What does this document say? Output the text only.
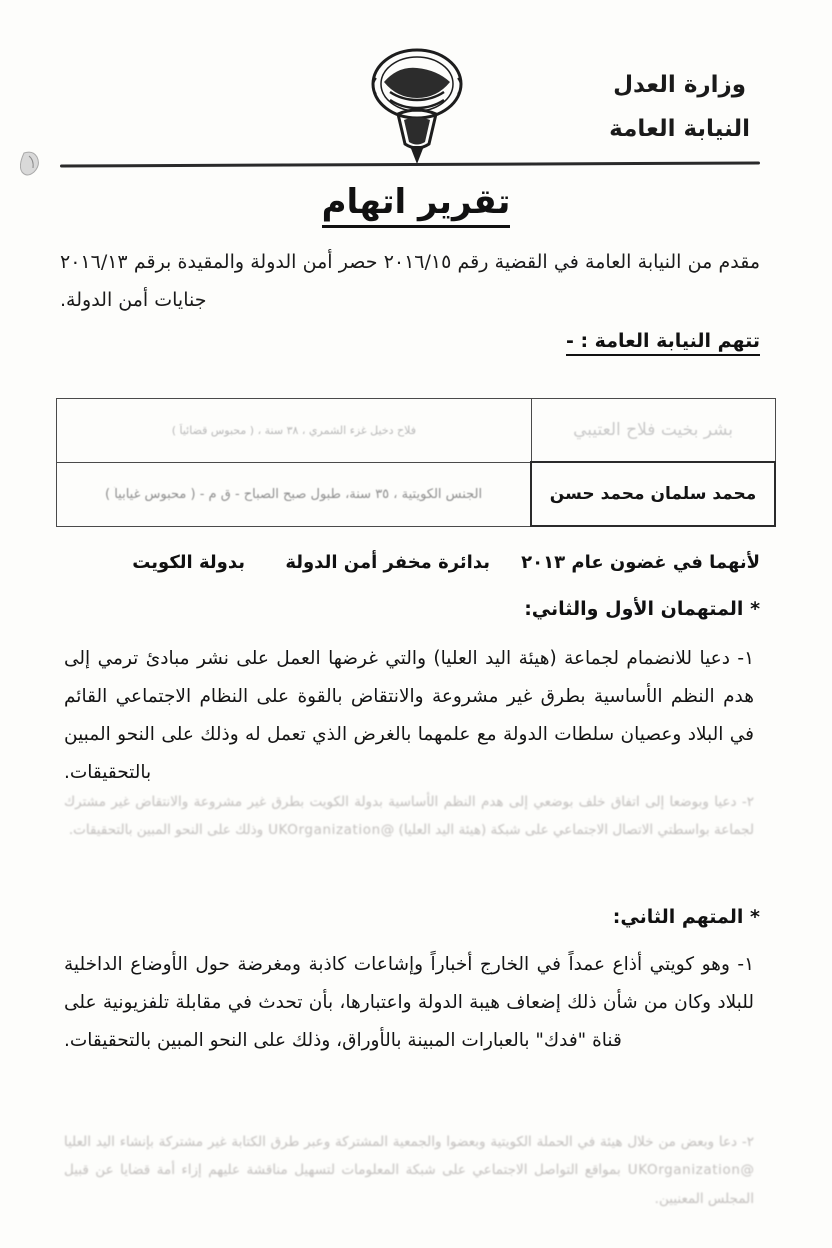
وزارة العدل
النيابة العامة
تقرير اتهام
مقدم من النيابة العامة في القضية رقم ٢٠١٦/١٥ حصر أمن الدولة والمقيدة برقم ٢٠١٦/١٣ جنايات أمن الدولة.
تتهم النيابة العامة : -
بشر بخيت فلاح العتيبي	فلاح دخيل غزء الشمري ، ٣٨ سنة ، ( محبوس قضائياً )

محمد سلمان محمد حسن	الجنس الكويتية ، ٣٥ سنة، طبول صبح الصباح - ق م - ( محبوس غيابياً )
لأنهما في غضون عام ٢٠١٣
بدائرة مخفر أمن الدولة
بدولة الكويت
* المتهمان الأول والثاني:
١- دعيا للانضمام لجماعة (هيئة اليد العليا) والتي غرضها العمل على نشر مبادئ ترمي إلى هدم النظم الأساسية بطرق غير مشروعة والانتقاض بالقوة على النظام الاجتماعي القائم في البلاد وعصيان سلطات الدولة مع علمهما بالغرض الذي تعمل له وذلك على النحو المبين بالتحقيقات.
٢- دعيا وبوضعا إلى اتفاق خلف بوضعي إلى هدم النظم الأساسية بدولة الكويت بطرق غير مشروعة والانتقاض غير مشترك لجماعة بواسطتي الاتصال الاجتماعي على شبكة (هيئة اليد العليا) @UKOrganization وذلك على النحو المبين بالتحقيقات.
* المتهم الثاني:
١- وهو كويتي أذاع عمداً في الخارج أخباراً وإشاعات كاذبة ومغرضة حول الأوضاع الداخلية للبلاد وكان من شأن ذلك إضعاف هيبة الدولة واعتبارها، بأن تحدث في مقابلة تلفزيونية على قناة "فدك" بالعبارات المبينة بالأوراق، وذلك على النحو المبين بالتحقيقات.
٢- دعا وبعض من خلال هيئة في الحملة الكويتية وبعضوا والجمعية المشتركة وعبر طرق الكتابة غير مشتركة بإنشاء اليد العليا @UKOrganization بمواقع التواصل الاجتماعي على شبكة المعلومات لتسهيل مناقشة عليهم إزاء أمة قضايا عن قبيل المجلس المعنيين.
